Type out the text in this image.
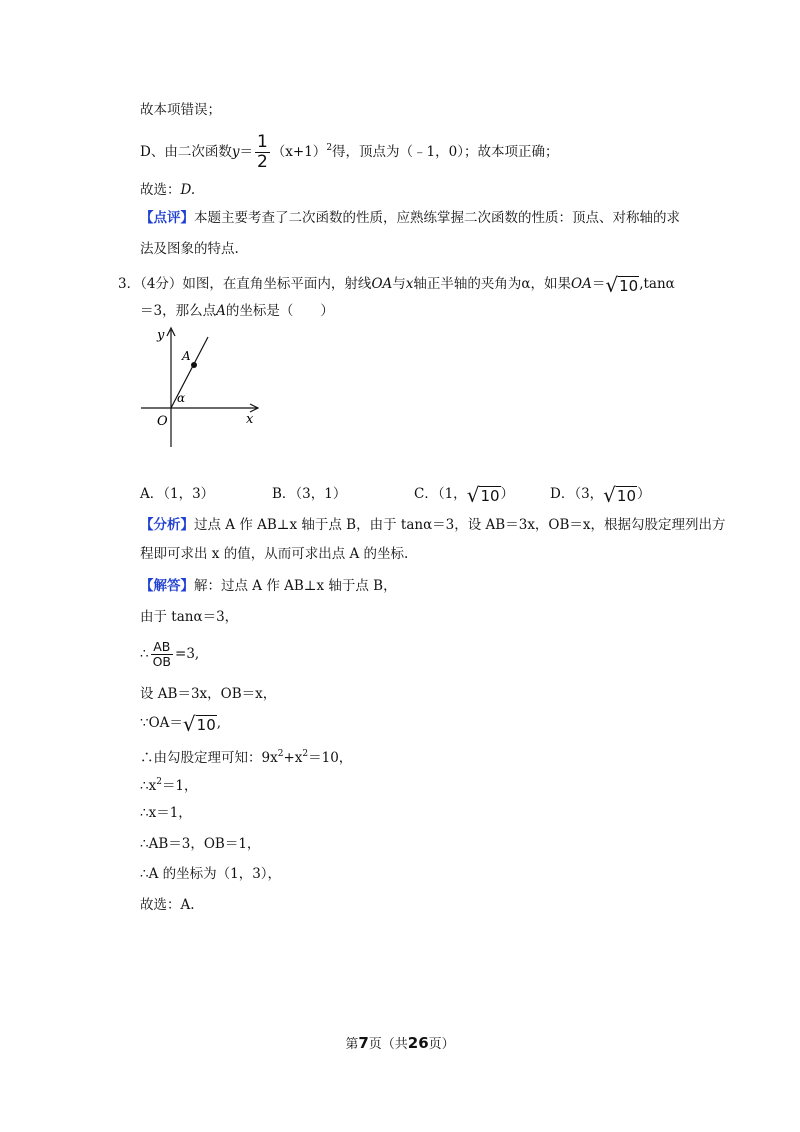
故本项错误；
D、由二次函数$y= \frac{1}{2} (x+1)^2$得，顶点为（﹣1，0）；故本项正确；
故选：D.
【点评】本题主要考查了二次函数的性质，应熟练掌握二次函数的性质：顶点、对称轴的求
法及图象的特点.
3．（4分）如图，在直角坐标平面内，射线OA与x轴正半轴的夹角为α，如果OA＝ √ 10 ,tanα
＝3，那么点A的坐标是（　　）
y
x
O
A
α
A．（1，3）	B．（3，1）	C．（1， √ 10 ）	D．（3， √ 10 ）
【分析】过点 A 作 AB⊥x 轴于点 B，由于 tanα＝3，设 AB＝3x，OB＝x，根据勾股定理列出方
程即可求出 x 的值，从而可求出点 A 的坐标.
【解答】解：过点 A 作 AB⊥x 轴于点 B，
由于 tanα＝3，
∴ $\frac{AB}{OB} =3$,
设 AB＝3x，OB＝x，
∵OA＝ √ 10 ,
∴由勾股定理可知：$9x^2+x^2=10$，
$\therefore x^2=1$，
∴x＝1，
∴AB＝3，OB＝1，
∴A 的坐标为（1，3），
故选：A.
第7页（共26页）
